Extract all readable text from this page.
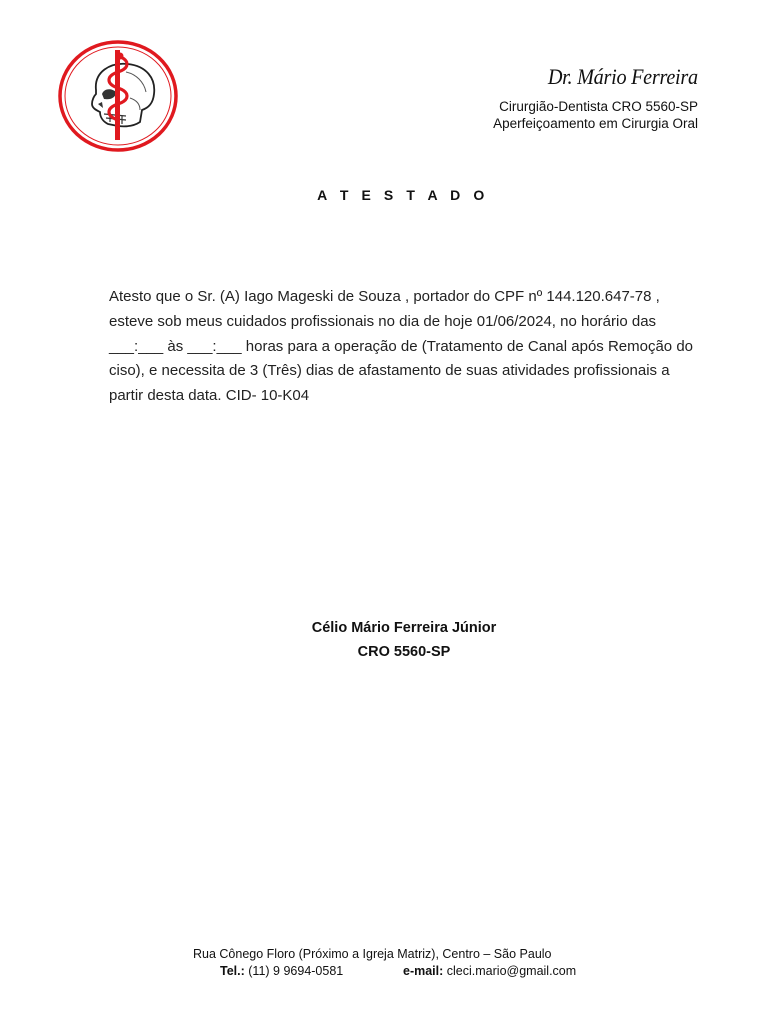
Dr. Mário Ferreira
Cirurgião-Dentista CRO 5560-SP
Aperfeiçoamento em Cirurgia Oral
A T E S T A D O
Atesto que o Sr. (A) Iago Mageski de Souza , portador do CPF nº 144.120.647-78 , esteve sob meus cuidados profissionais no dia de hoje 01/06/2024, no horário das ___:___ às ___:___ horas para a operação de (Tratamento de Canal após Remoção do ciso), e necessita de 3 (Três) dias de afastamento de suas atividades profissionais a partir desta data. CID- 10-K04
Célio Mário Ferreira Júnior
CRO 5560-SP
Rua Cônego Floro (Próximo a Igreja Matriz), Centro – São Paulo
Tel.: (11) 9 9694-0581	e-mail: cleci.mario@gmail.com
